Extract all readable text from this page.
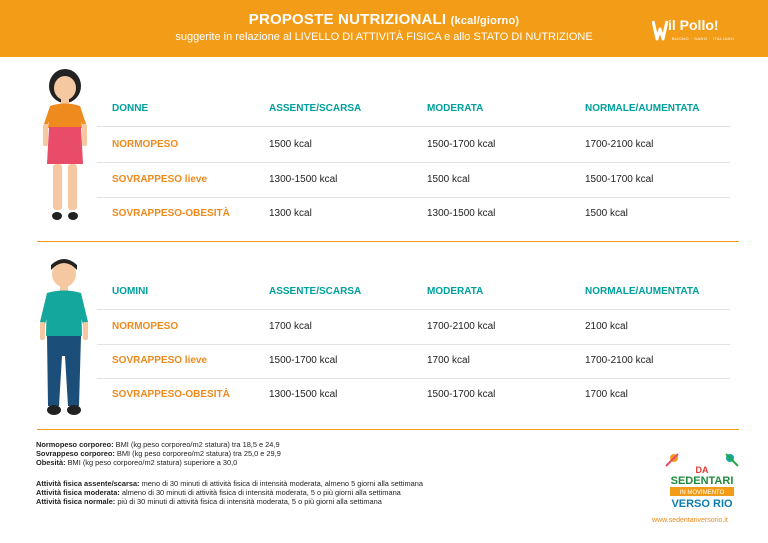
PROPOSTE NUTRIZIONALI (kcal/giorno)
suggerite in relazione al LIVELLO DI ATTIVITÀ FISICA e allo STATO DI NUTRIZIONE
il Pollo!
BUONO · SANO · ITALIANO
DONNE	ASSENTE/SCARSA	MODERATA	NORMALE/AUMENTATA
NORMOPESO	1500 kcal	1500-1700 kcal	1700-2100 kcal
SOVRAPPESO lieve	1300-1500 kcal	1500 kcal	1500-1700 kcal
SOVRAPPESO-OBESITÀ	1300 kcal	1300-1500 kcal	1500 kcal
UOMINI	ASSENTE/SCARSA	MODERATA	NORMALE/AUMENTATA
NORMOPESO	1700 kcal	1700-2100 kcal	2100 kcal
SOVRAPPESO lieve	1500-1700 kcal	1700 kcal	1700-2100 kcal
SOVRAPPESO-OBESITÀ	1300-1500 kcal	1500-1700 kcal	1700 kcal
Normopeso corporeo: BMI (kg peso corporeo/m2 statura) tra 18,5 e 24,9
Sovrappeso corporeo: BMI (kg peso corporeo/m2 statura) tra 25,0 e 29,9
Obesità: BMI (kg peso corporeo/m2 statura) superiore a 30,0
Attività fisica assente/scarsa: meno di 30 minuti di attività fisica di intensità moderata, almeno 5 giorni alla settimana
Attività fisica moderata: almeno di 30 minuti di attività fisica di intensità moderata, 5 o più giorni alla settimana
Attività fisica normale: più di 30 minuti di attività fisica di intensità moderata, 5 o più giorni alla settimana
DA
SEDENTARI
IN MOVIMENTO
VERSO RIO
www.sedentariversorio.it
